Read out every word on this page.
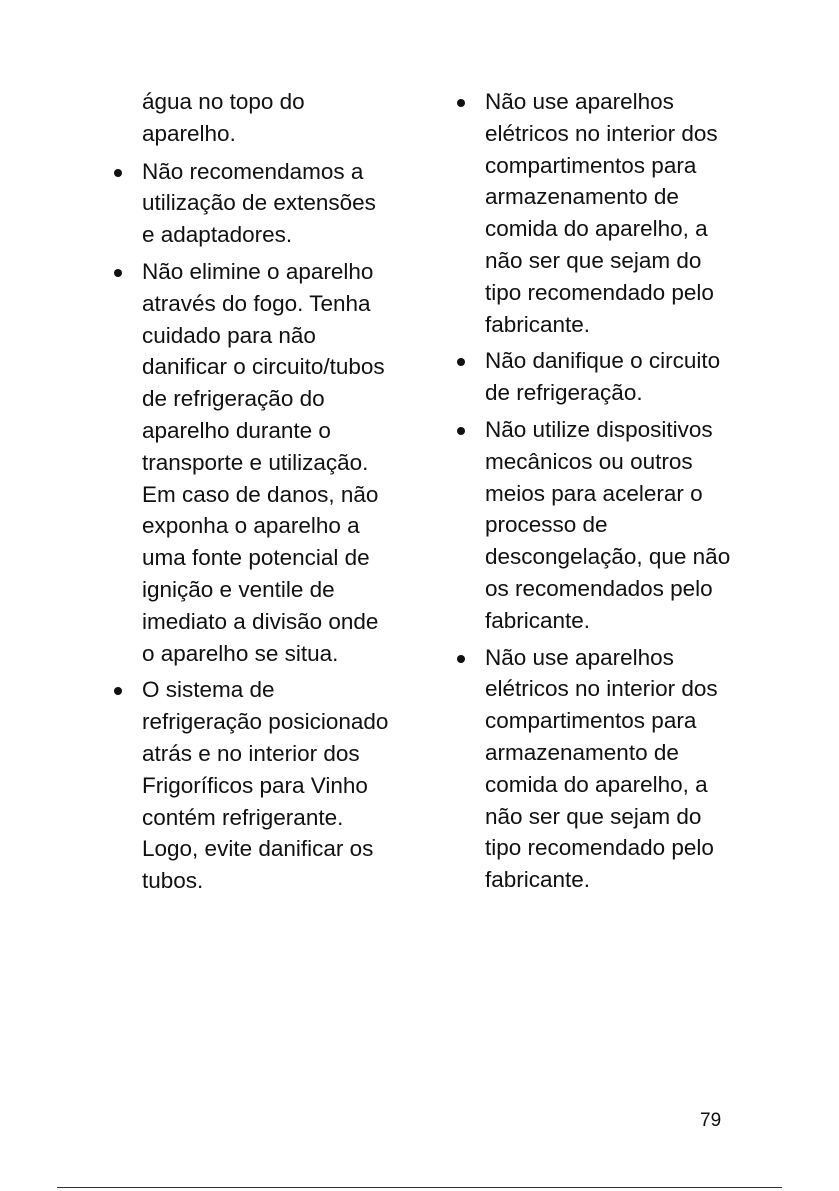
água no topo do aparelho.

Não recomendamos a utilização de extensões e adaptadores.
Não elimine o aparelho através do fogo. Tenha cuidado para não danificar o circuito/tubos de refrigeração do aparelho durante o transporte e utilização. Em caso de danos, não exponha o aparelho a uma fonte potencial de ignição e ventile de imediato a divisão onde o aparelho se situa.
O sistema de refrigeração posicionado atrás e no interior dos Frigoríficos para Vinho contém refrigerante. Logo, evite danificar os tubos.
Não use aparelhos elétricos no interior dos compartimentos para armazenamento de comida do aparelho, a não ser que sejam do tipo recomendado pelo fabricante.
Não danifique o circuito de refrigeração.
Não utilize dispositivos mecânicos ou outros meios para acelerar o processo de descongelação, que não os recomendados pelo fabricante.
Não use aparelhos elétricos no interior dos compartimentos para armazenamento de comida do aparelho, a não ser que sejam do tipo recomendado pelo fabricante.
79
